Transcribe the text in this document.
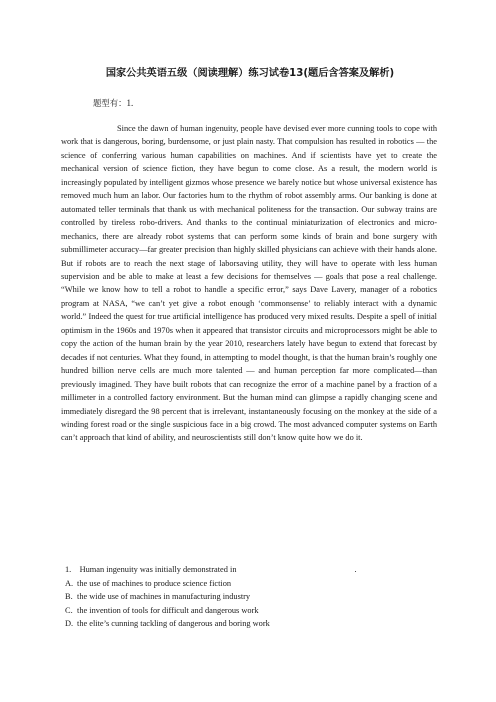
国家公共英语五级（阅读理解）练习试卷13(题后含答案及解析)

题型有：1.

Since the dawn of human ingenuity, people have devised ever more cunning tools to cope with work that is dangerous, boring, burdensome, or just plain nasty. That compulsion has resulted in robotics — the science of conferring various human capabilities on machines. And if scientists have yet to create the mechanical version of science fiction, they have begun to come close. As a result, the modern world is increasingly populated by intelligent gizmos whose presence we barely notice but whose universal existence has removed much hum an labor. Our factories hum to the rhythm of robot assembly arms. Our banking is done at automated teller terminals that thank us with mechanical politeness for the transaction. Our subway trains are controlled by tireless robo-drivers. And thanks to the continual miniaturization of electronics and micro-mechanics, there are already robot systems that can perform some kinds of brain and bone surgery with submillimeter accuracy—far greater precision than highly skilled physicians can achieve with their hands alone. But if robots are to reach the next stage of laborsaving utility, they will have to operate with less human supervision and be able to make at least a few decisions for themselves — goals that pose a real challenge. “While we know how to tell a robot to handle a specific error,” says Dave Lavery, manager of a robotics program at NASA, “we can’t yet give a robot enough ‘commonsense’ to reliably interact with a dynamic world.” Indeed the quest for true artificial intelligence has produced very mixed results. Despite a spell of initial optimism in the 1960s and 1970s when it appeared that transistor circuits and microprocessors might be able to copy the action of the human brain by the year 2010, researchers lately have begun to extend that forecast by decades if not centuries. What they found, in attempting to model thought, is that the human brain’s roughly one hundred billion nerve cells are much more talented — and human perception far more complicated—than previously imagined. They have built robots that can recognize the error of a machine panel by a fraction of a millimeter in a controlled factory environment. But the human mind can glimpse a rapidly changing scene and immediately disregard the 98 percent that is irrelevant, instantaneously focusing on the monkey at the side of a winding forest road or the single suspicious face in a big crowd. The most advanced computer systems on Earth can’t approach that kind of ability, and neuroscientists still don’t know quite how we do it.

1. Human ingenuity was initially demonstrated in	.

A. the use of machines to produce science fiction
B. the wide use of machines in manufacturing industry
C. the invention of tools for difficult and dangerous work
D. the elite’s cunning tackling of dangerous and boring work
